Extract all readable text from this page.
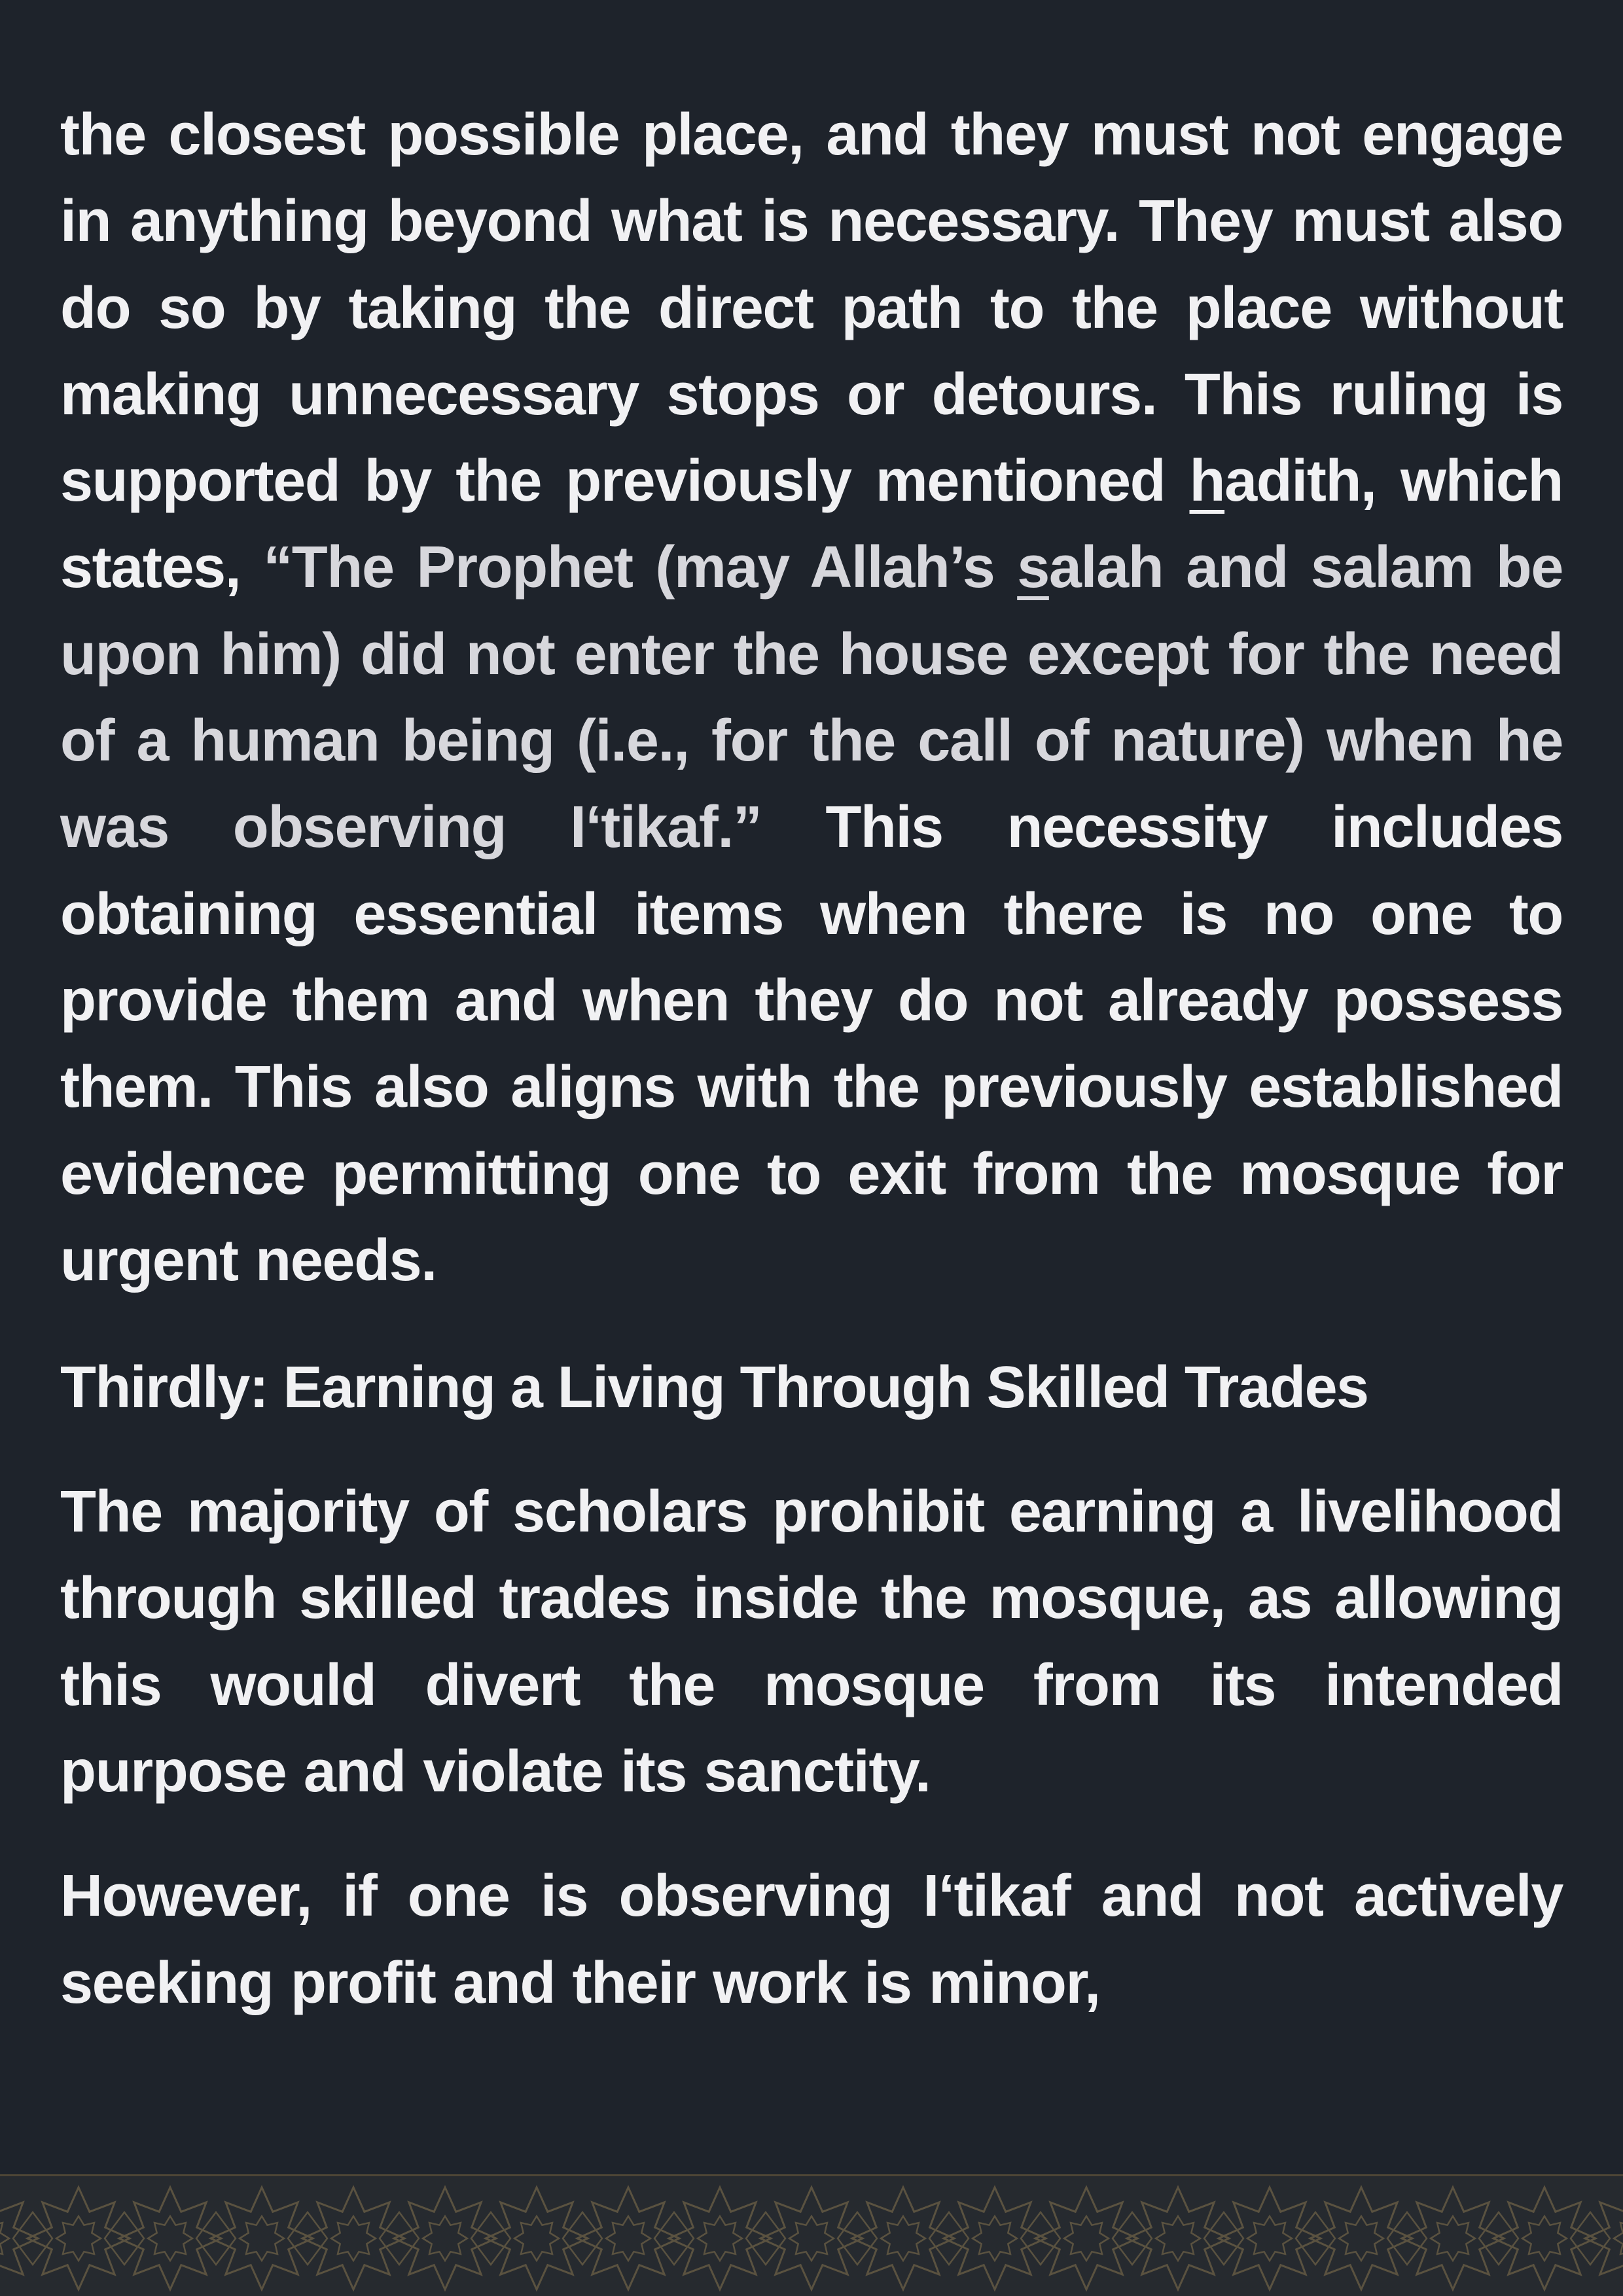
the closest possible place, and they must not engage in anything beyond what is necessary. They must also do so by taking the direct path to the place without making unnecessary stops or detours. This ruling is supported by the previously mentioned hadith, which states, “The Prophet (may Allah’s salah and salam be upon him) did not enter the house except for the need of a human being (i.e., for the call of nature) when he was observing I‘tikaf.” This necessity includes obtaining essential items when there is no one to provide them and when they do not already possess them. This also aligns with the previously established evidence permitting one to exit from the mosque for urgent needs.

Thirdly: Earning a Living Through Skilled Trades

The majority of scholars prohibit earning a livelihood through skilled trades inside the mosque, as allowing this would divert the mosque from its intended purpose and violate its sanctity.

However, if one is observing I‘tikaf and not actively seeking profit and their work is minor,
